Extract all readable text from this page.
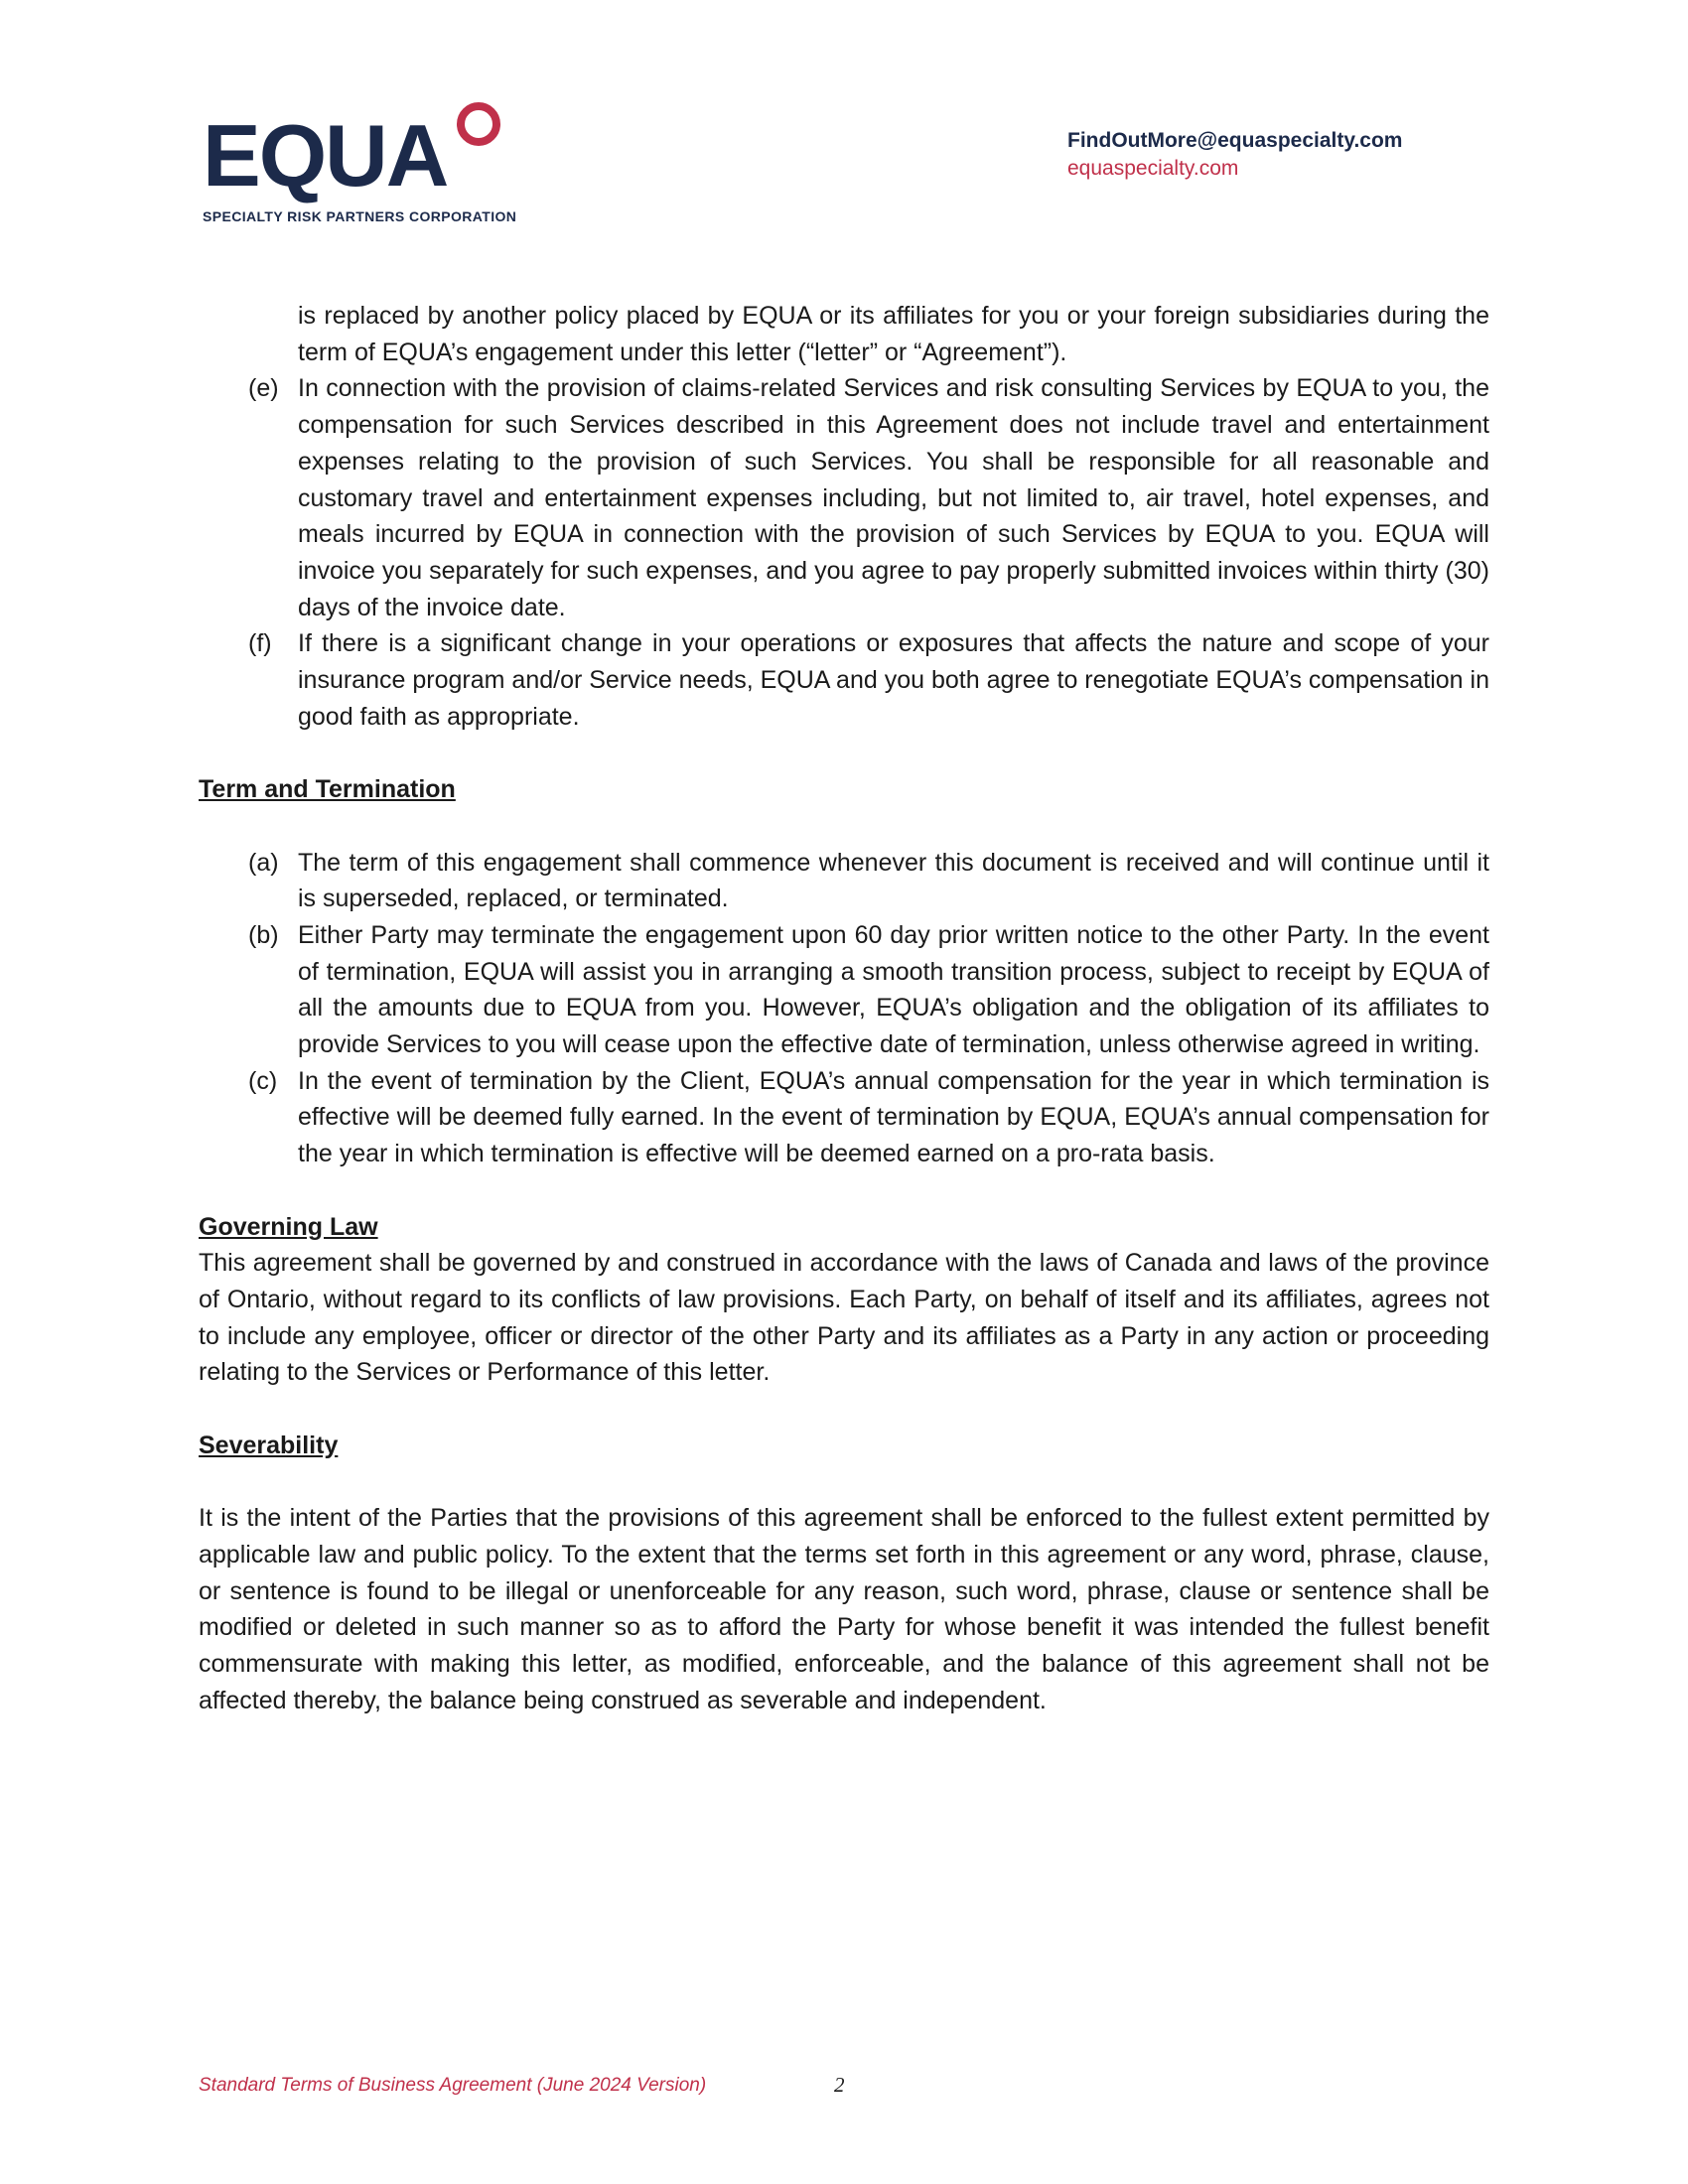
EQUA
SPECIALTY RISK PARTNERS CORPORATION
FindOutMore@equaspecialty.com
equaspecialty.com
is replaced by another policy placed by EQUA or its affiliates for you or your foreign subsidiaries during the term of EQUA’s engagement under this letter (“letter” or “Agreement”).
(e) In connection with the provision of claims-related Services and risk consulting Services by EQUA to you, the compensation for such Services described in this Agreement does not include travel and entertainment expenses relating to the provision of such Services. You shall be responsible for all reasonable and customary travel and entertainment expenses including, but not limited to, air travel, hotel expenses, and meals incurred by EQUA in connection with the provision of such Services by EQUA to you. EQUA will invoice you separately for such expenses, and you agree to pay properly submitted invoices within thirty (30) days of the invoice date.
(f) If there is a significant change in your operations or exposures that affects the nature and scope of your insurance program and/or Service needs, EQUA and you both agree to renegotiate EQUA’s compensation in good faith as appropriate.
Term and Termination
(a) The term of this engagement shall commence whenever this document is received and will continue until it is superseded, replaced, or terminated.
(b) Either Party may terminate the engagement upon 60 day prior written notice to the other Party. In the event of termination, EQUA will assist you in arranging a smooth transition process, subject to receipt by EQUA of all the amounts due to EQUA from you. However, EQUA’s obligation and the obligation of its affiliates to provide Services to you will cease upon the effective date of termination, unless otherwise agreed in writing.
(c) In the event of termination by the Client, EQUA’s annual compensation for the year in which termination is effective will be deemed fully earned. In the event of termination by EQUA, EQUA’s annual compensation for the year in which termination is effective will be deemed earned on a pro-rata basis.
Governing Law
This agreement shall be governed by and construed in accordance with the laws of Canada and laws of the province of Ontario, without regard to its conflicts of law provisions. Each Party, on behalf of itself and its affiliates, agrees not to include any employee, officer or director of the other Party and its affiliates as a Party in any action or proceeding relating to the Services or Performance of this letter.
Severability
It is the intent of the Parties that the provisions of this agreement shall be enforced to the fullest extent permitted by applicable law and public policy. To the extent that the terms set forth in this agreement or any word, phrase, clause, or sentence is found to be illegal or unenforceable for any reason, such word, phrase, clause or sentence shall be modified or deleted in such manner so as to afford the Party for whose benefit it was intended the fullest benefit commensurate with making this letter, as modified, enforceable, and the balance of this agreement shall not be affected thereby, the balance being construed as severable and independent.
Standard Terms of Business Agreement (June 2024 Version)	2
